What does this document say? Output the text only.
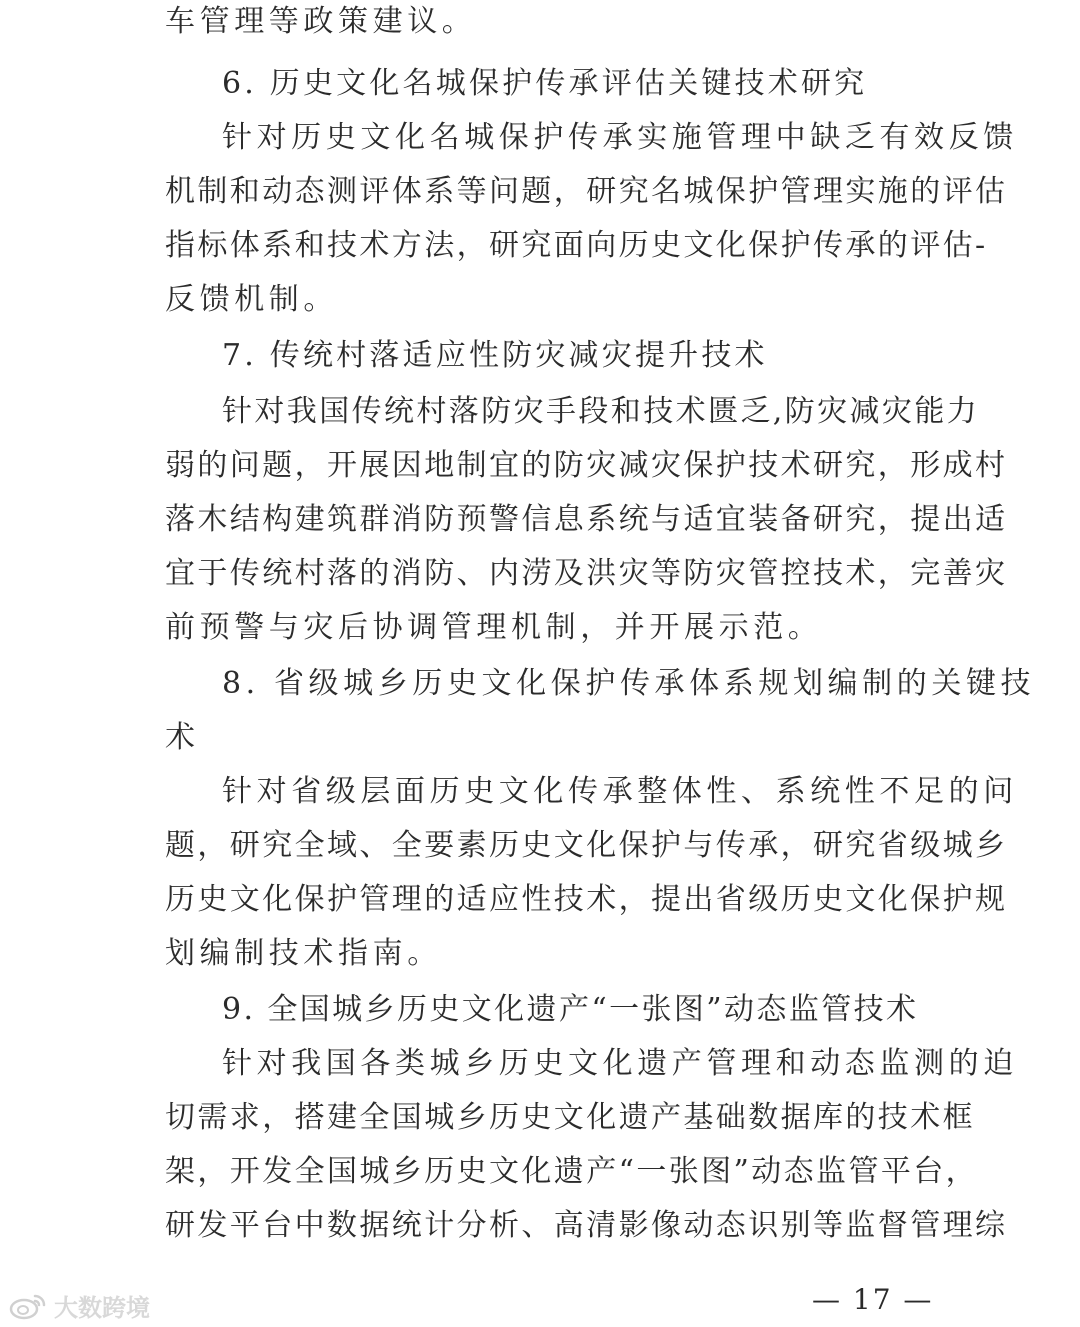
车管理等政策建议。
6. 历史文化名城保护传承评估关键技术研究
针对历史文化名城保护传承实施管理中缺乏有效反馈
机制和动态测评体系等问题，研究名城保护管理实施的评估
指标体系和技术方法，研究面向历史文化保护传承的评估-
反馈机制。
7. 传统村落适应性防灾减灾提升技术
针对我国传统村落防灾手段和技术匮乏,防灾减灾能力
弱的问题，开展因地制宜的防灾减灾保护技术研究，形成村
落木结构建筑群消防预警信息系统与适宜装备研究，提出适
宜于传统村落的消防、内涝及洪灾等防灾管控技术，完善灾
前预警与灾后协调管理机制，并开展示范。
8. 省级城乡历史文化保护传承体系规划编制的关键技
术
针对省级层面历史文化传承整体性、系统性不足的问
题，研究全域、全要素历史文化保护与传承，研究省级城乡
历史文化保护管理的适应性技术，提出省级历史文化保护规
划编制技术指南。
9. 全国城乡历史文化遗产“一张图”动态监管技术
针对我国各类城乡历史文化遗产管理和动态监测的迫
切需求，搭建全国城乡历史文化遗产基础数据库的技术框
架，开发全国城乡历史文化遗产“一张图”动态监管平台，
研发平台中数据统计分析、高清影像动态识别等监督管理综
— 17 —
大数跨境
